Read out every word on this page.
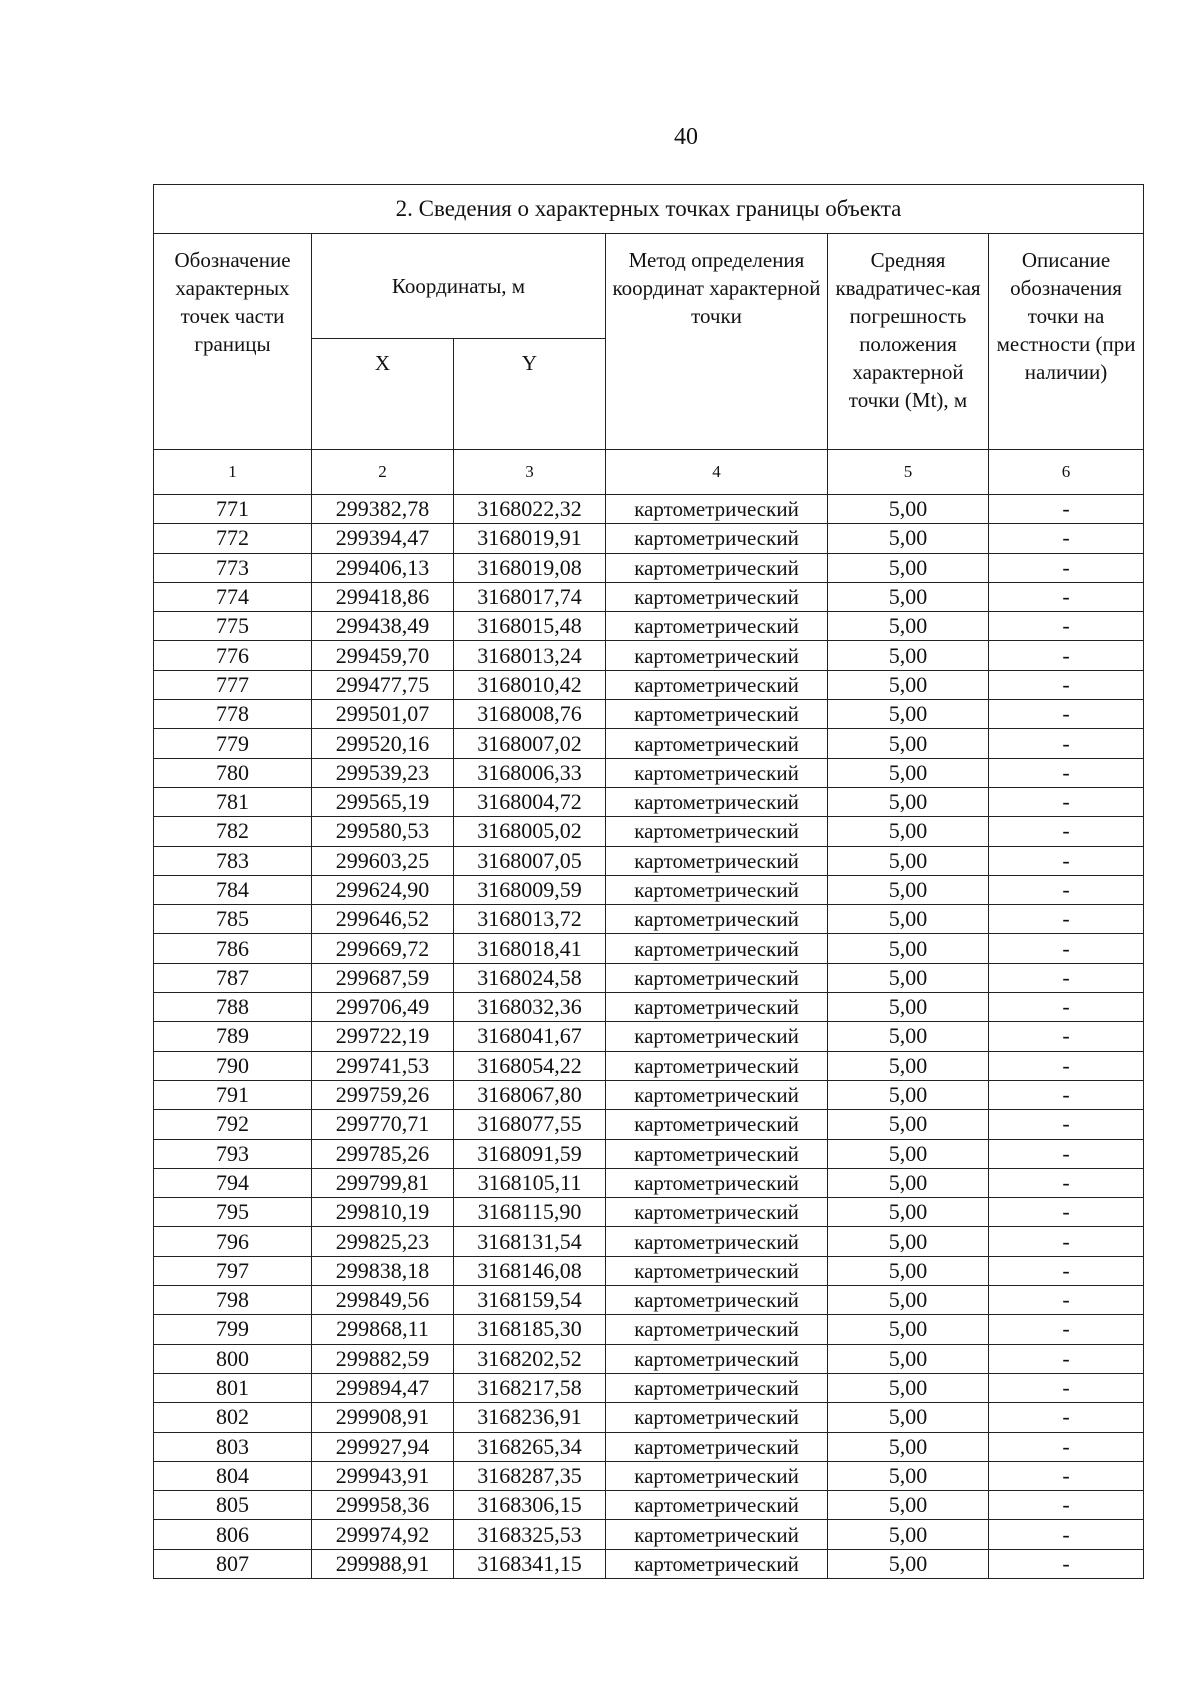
40
2. Сведения о характерных точках границы объекта					
Обозначение характерных точек части границы	Координаты, м		Метод определения координат характерной точки	Средняя квадратичес-кая погрешность положения характерной точки (Mt), м	Описание обозначения точки на местности (при наличии)
	X	Y			
1	2	3	4	5	6
771	299382,78	3168022,32	картометрический	5,00	-
772	299394,47	3168019,91	картометрический	5,00	-
773	299406,13	3168019,08	картометрический	5,00	-
774	299418,86	3168017,74	картометрический	5,00	-
775	299438,49	3168015,48	картометрический	5,00	-
776	299459,70	3168013,24	картометрический	5,00	-
777	299477,75	3168010,42	картометрический	5,00	-
778	299501,07	3168008,76	картометрический	5,00	-
779	299520,16	3168007,02	картометрический	5,00	-
780	299539,23	3168006,33	картометрический	5,00	-
781	299565,19	3168004,72	картометрический	5,00	-
782	299580,53	3168005,02	картометрический	5,00	-
783	299603,25	3168007,05	картометрический	5,00	-
784	299624,90	3168009,59	картометрический	5,00	-
785	299646,52	3168013,72	картометрический	5,00	-
786	299669,72	3168018,41	картометрический	5,00	-
787	299687,59	3168024,58	картометрический	5,00	-
788	299706,49	3168032,36	картометрический	5,00	-
789	299722,19	3168041,67	картометрический	5,00	-
790	299741,53	3168054,22	картометрический	5,00	-
791	299759,26	3168067,80	картометрический	5,00	-
792	299770,71	3168077,55	картометрический	5,00	-
793	299785,26	3168091,59	картометрический	5,00	-
794	299799,81	3168105,11	картометрический	5,00	-
795	299810,19	3168115,90	картометрический	5,00	-
796	299825,23	3168131,54	картометрический	5,00	-
797	299838,18	3168146,08	картометрический	5,00	-
798	299849,56	3168159,54	картометрический	5,00	-
799	299868,11	3168185,30	картометрический	5,00	-
800	299882,59	3168202,52	картометрический	5,00	-
801	299894,47	3168217,58	картометрический	5,00	-
802	299908,91	3168236,91	картометрический	5,00	-
803	299927,94	3168265,34	картометрический	5,00	-
804	299943,91	3168287,35	картометрический	5,00	-
805	299958,36	3168306,15	картометрический	5,00	-
806	299974,92	3168325,53	картометрический	5,00	-
807	299988,91	3168341,15	картометрический	5,00	-
